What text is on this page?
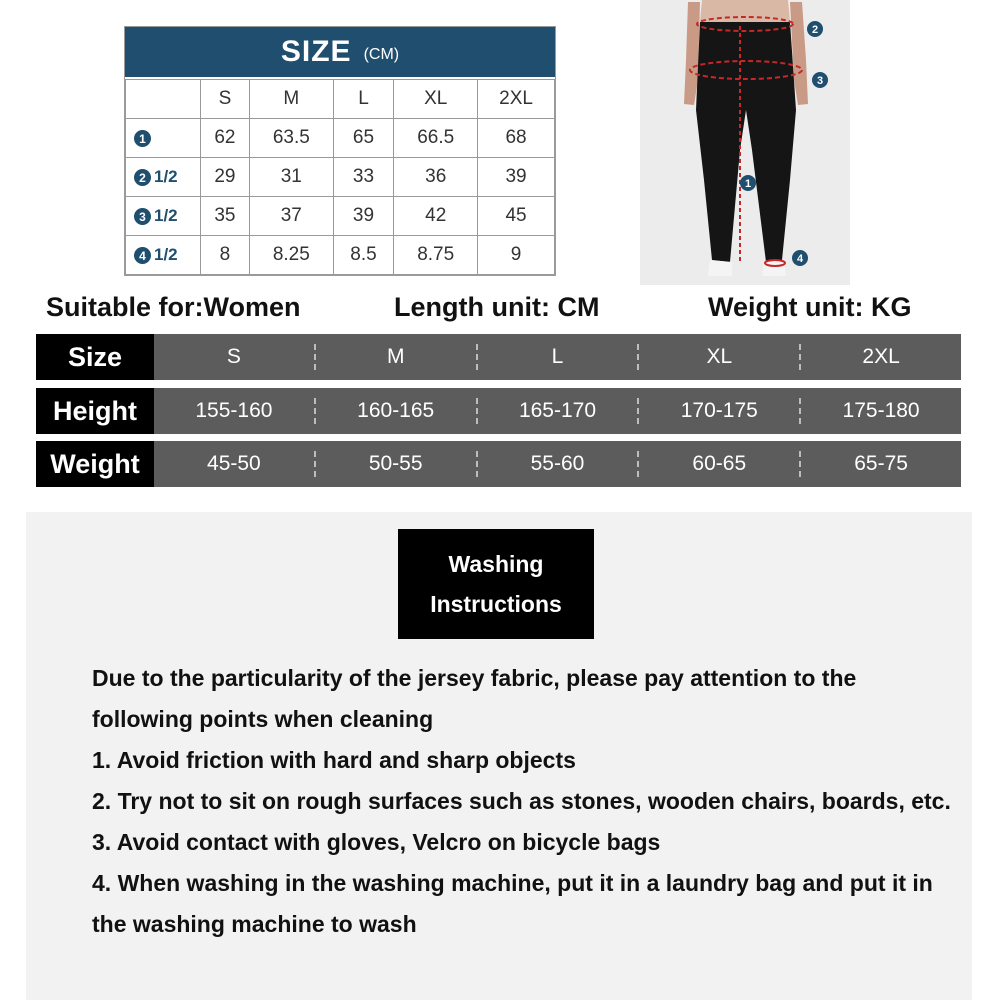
SIZE (CM)
	S	M	L	XL	2XL
1	62	63.5	65	66.5	68
2 1/2	29	31	33	36	39
3 1/2	35	37	39	42	45
4 1/2	8	8.25	8.5	8.75	9
2
3
1
4
Suitable for:Women	Length unit: CM	Weight unit: KG
Size	S	M	L	XL	2XL
Height	155-160	160-165	165-170	170-175	175-180
Weight	45-50	50-55	55-60	60-65	65-75
Washing
Instructions

Due to the particularity of the jersey fabric, please pay attention to the following points when cleaning

1. Avoid friction with hard and sharp objects

2. Try not to sit on rough surfaces such as stones, wooden chairs, boards, etc.

3. Avoid contact with gloves, Velcro on bicycle bags

4. When washing in the washing machine, put it in a laundry bag and put it in the washing machine to wash
